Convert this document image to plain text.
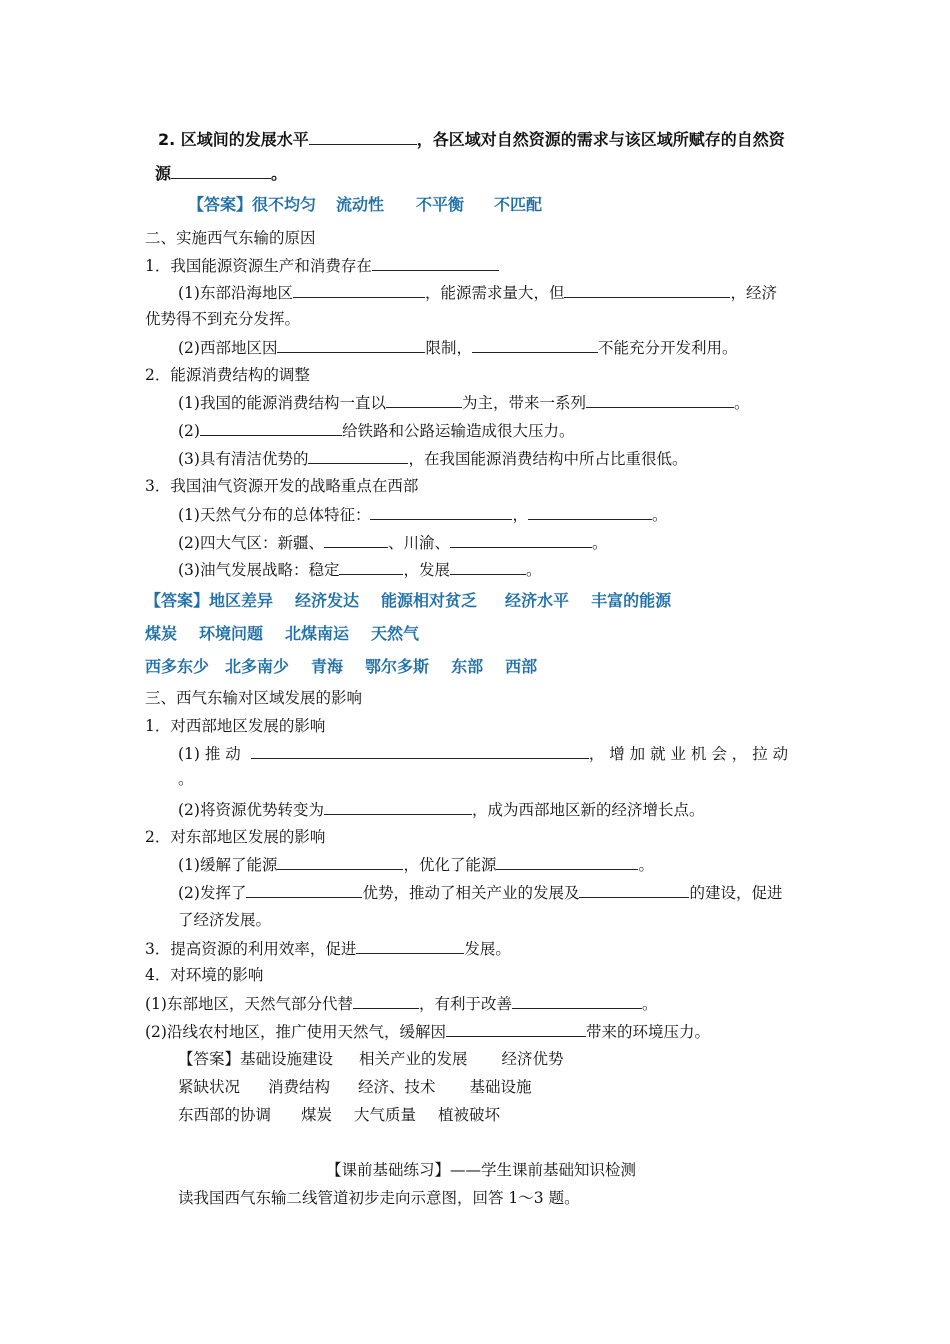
2. 区域间的发展水平	，各区域对自然资源的需求与该区域所赋存的自然资
源	。
【答案】很不均匀 流动性 不平衡 不匹配
二、实施西气东输的原因
1．我国能源资源生产和消费存在
(1)东部沿海地区	，能源需求量大，但	，经济
优势得不到充分发挥。
(2)西部地区因	限制，	不能充分开发利用。
2．能源消费结构的调整
(1)我国的能源消费结构一直以	为主，带来一系列	。
(2)	给铁路和公路运输造成很大压力。
(3)具有清洁优势的	，在我国能源消费结构中所占比重很低。
3．我国油气资源开发的战略重点在西部
(1)天然气分布的总体特征：	，	。
(2)四大气区：新疆、	、川渝、	。
(3)油气发展战略：稳定	，发展	。
【答案】地区差异 经济发达 能源相对贫乏 经济水平 丰富的能源
煤炭 环境问题 北煤南运 天然气
西多东少 北多南少 青海 鄂尔多斯 东部 西部
三、西气东输对区域发展的影响
1．对西部地区发展的影响
(1) 推 动	， 增 加 就 业 机 会 ， 拉 动
。
(2)将资源优势转变为	，成为西部地区新的经济增长点。
2．对东部地区发展的影响
(1)缓解了能源	，优化了能源	。
(2)发挥了	优势，推动了相关产业的发展及	的建设，促进
了经济发展。
3．提高资源的利用效率，促进	发展。
4．对环境的影响
(1)东部地区，天然气部分代替	，有利于改善	。
(2)沿线农村地区，推广使用天然气，缓解因	带来的环境压力。
【答案】基础设施建设 相关产业的发展 经济优势
紧缺状况 消费结构 经济、技术 基础设施
东西部的协调 煤炭 大气质量 植被破坏
【课前基础练习】——学生课前基础知识检测
读我国西气东输二线管道初步走向示意图，回答 1～3 题。
